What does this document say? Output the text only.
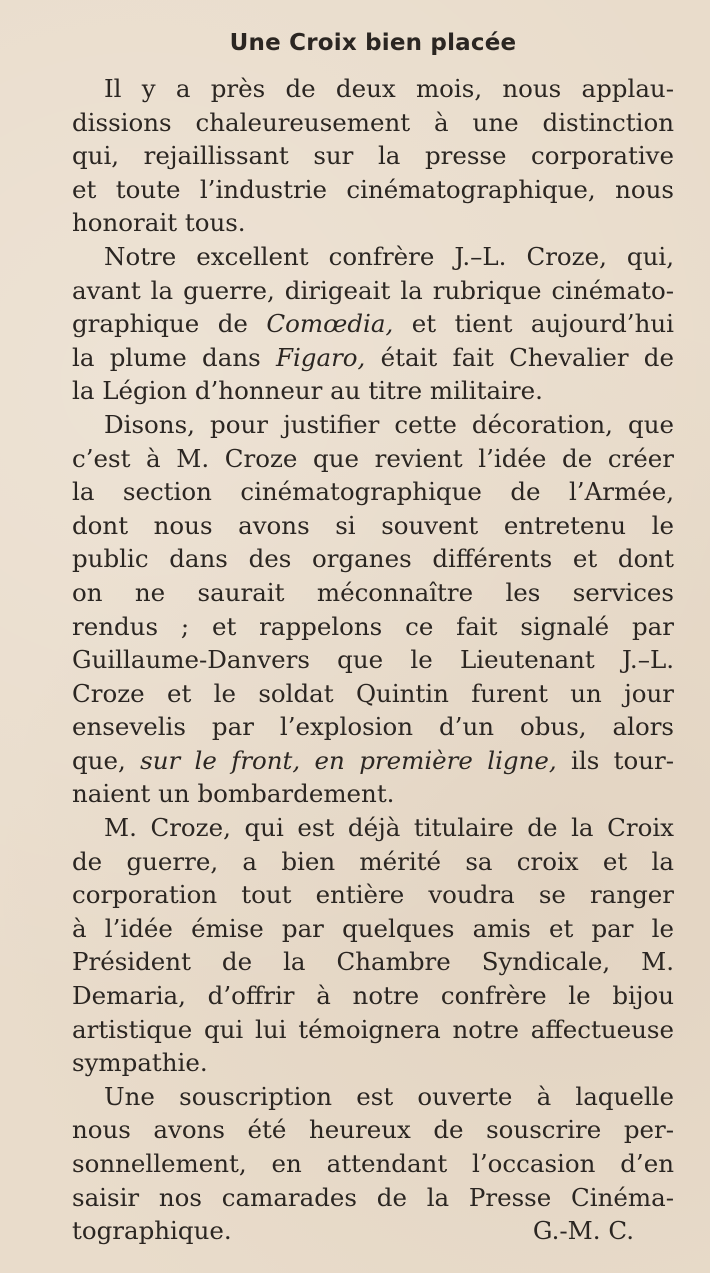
Une Croix bien placée
Il y a près de deux mois, nous applau-
dissions chaleureusement à une distinction
qui, rejaillissant sur la presse corporative
et toute l’industrie cinématographique, nous
honorait tous.
Notre excellent confrère J.–L. Croze, qui,
avant la guerre, dirigeait la rubrique cinémato-
graphique de Comœdia, et tient aujourd’hui
la plume dans Figaro, était fait Chevalier de
la Légion d’honneur au titre militaire.
Disons, pour justifier cette décoration, que
c’est à M. Croze que revient l’idée de créer
la section cinématographique de l’Armée,
dont nous avons si souvent entretenu le
public dans des organes différents et dont
on ne saurait méconnaître les services
rendus ; et rappelons ce fait signalé par
Guillaume-Danvers que le Lieutenant J.–L.
Croze et le soldat Quintin furent un jour
ensevelis par l’explosion d’un obus, alors
que, sur le front, en première ligne, ils tour-
naient un bombardement.
M. Croze, qui est déjà titulaire de la Croix
de guerre, a bien mérité sa croix et la
corporation tout entière voudra se ranger
à l’idée émise par quelques amis et par le
Président de la Chambre Syndicale, M.
Demaria, d’offrir à notre confrère le bijou
artistique qui lui témoignera notre affectueuse
sympathie.
Une souscription est ouverte à laquelle
nous avons été heureux de souscrire per-
sonnellement, en attendant l’occasion d’en
saisir nos camarades de la Presse Cinéma-
tographique.	G.-M. C.
